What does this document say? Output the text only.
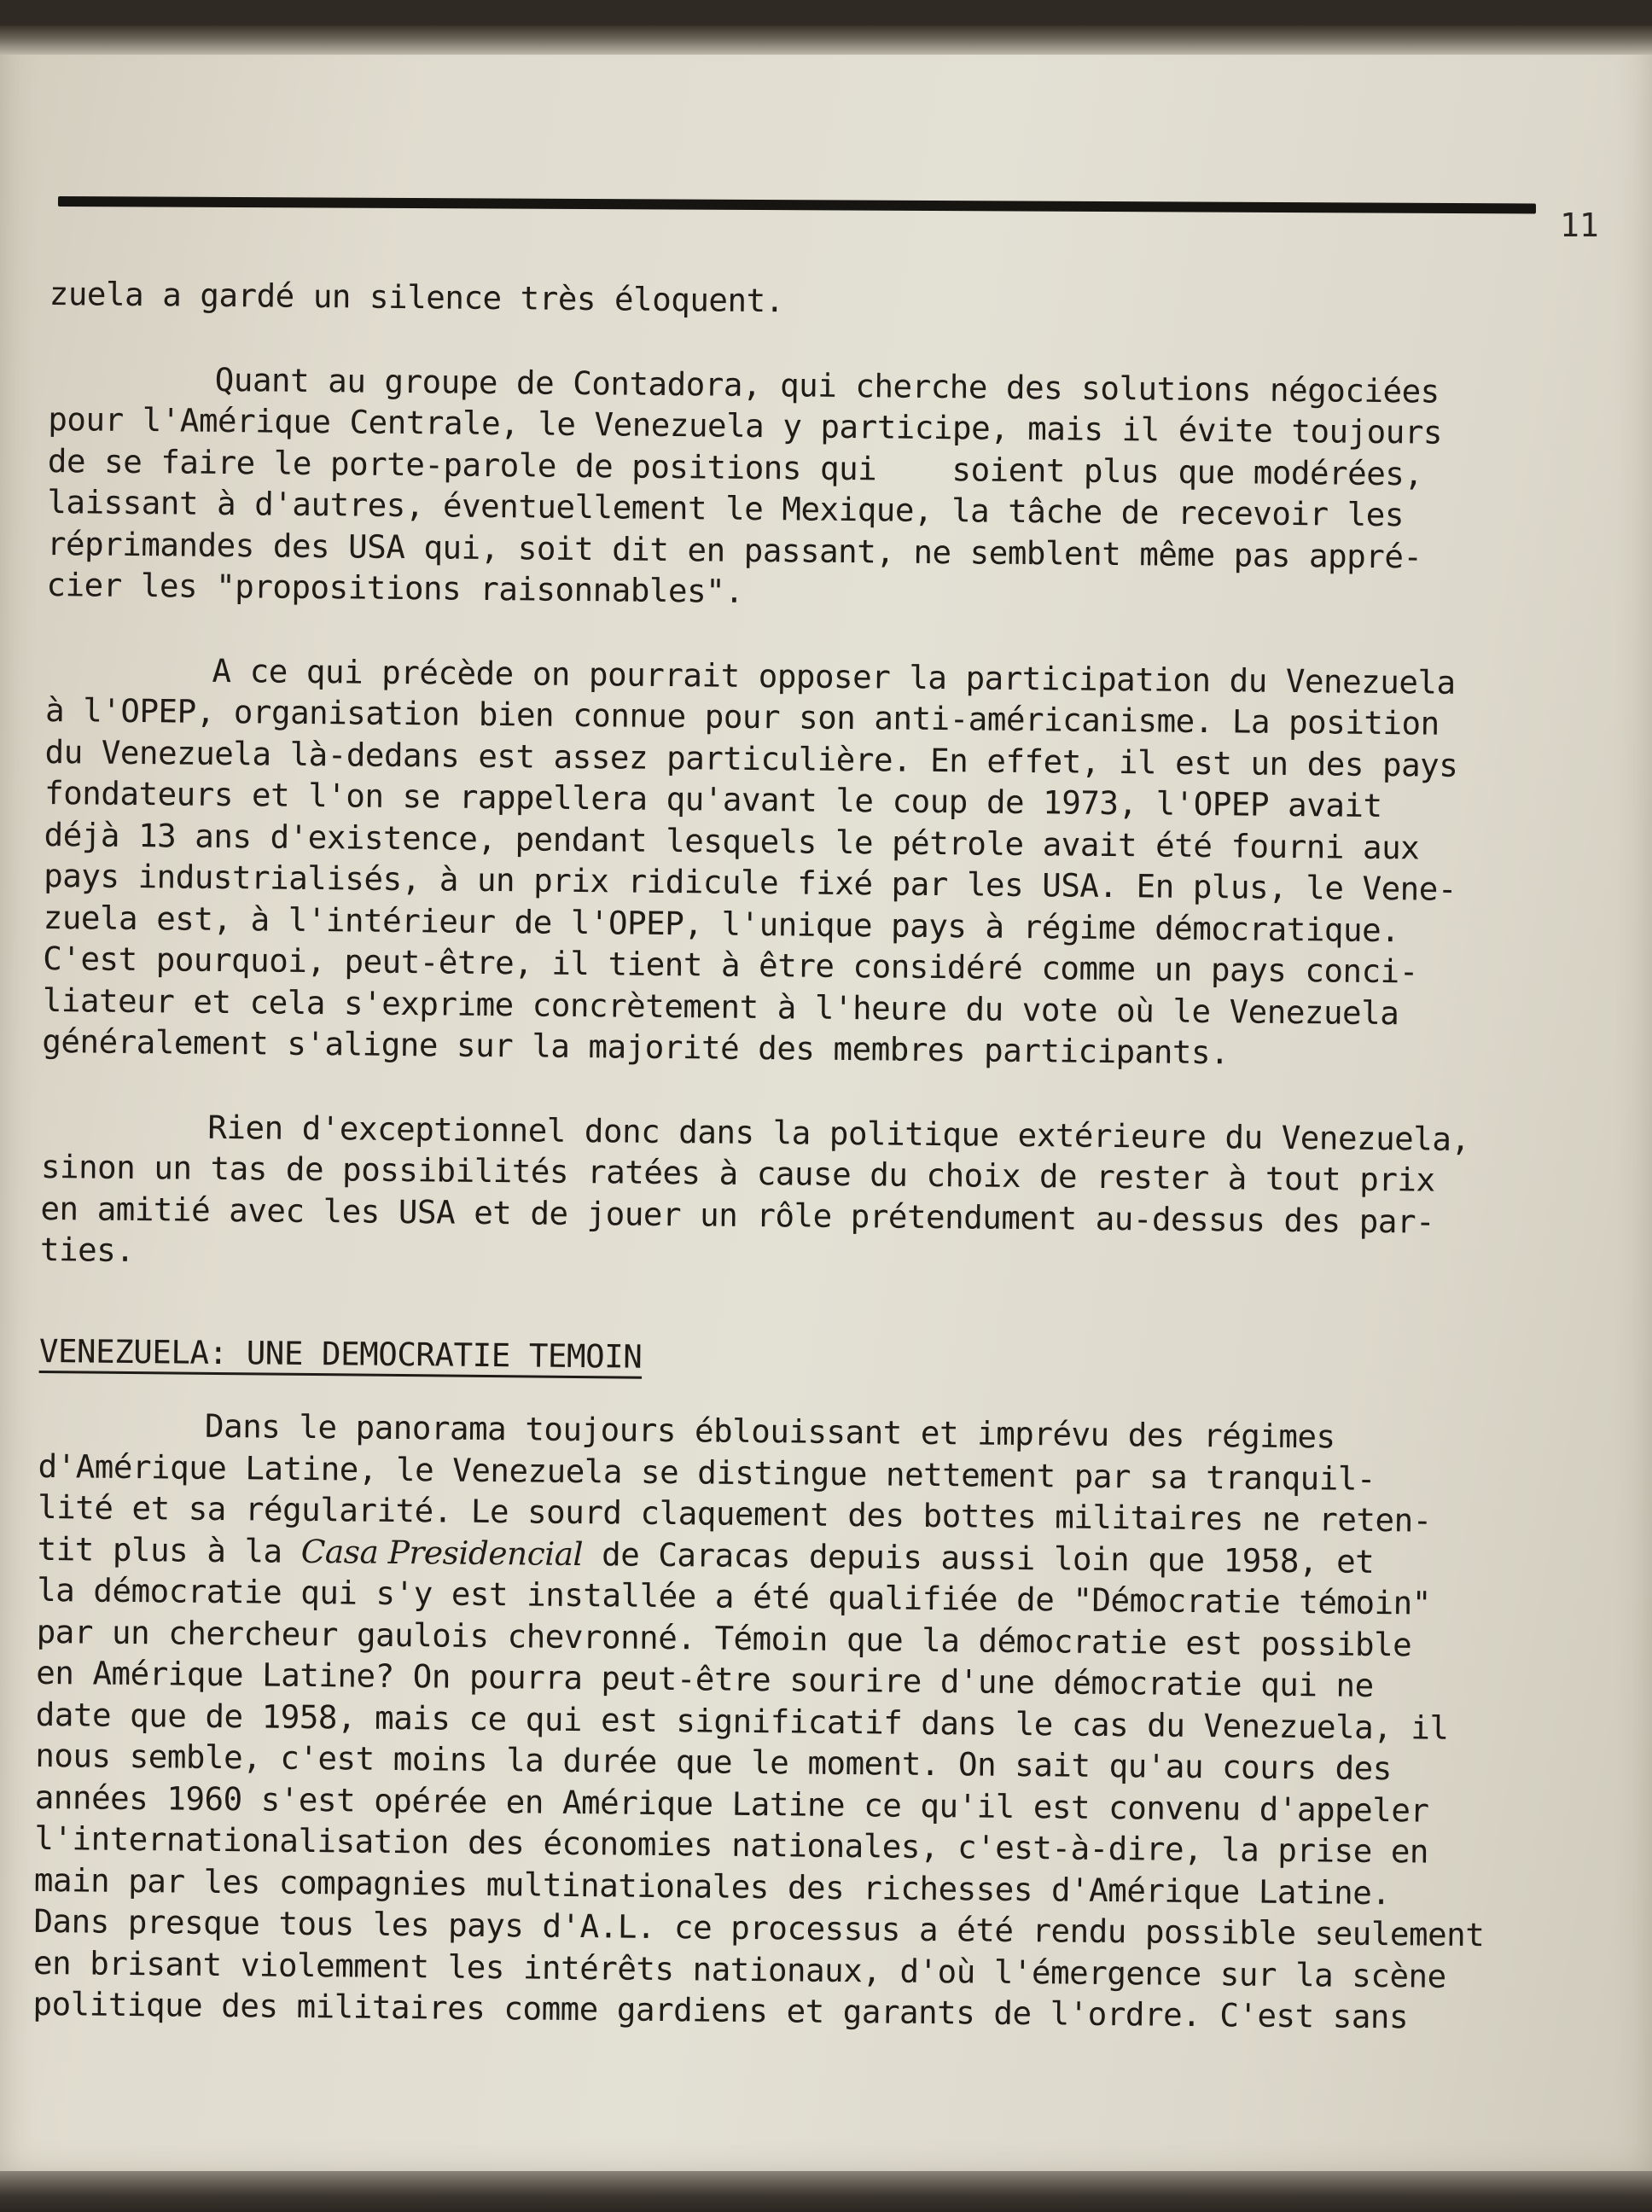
11
zuela a gardé un silence très éloquent.
Quant au groupe de Contadora, qui cherche des solutions négociées
pour l'Amérique Centrale, le Venezuela y participe, mais il évite toujours
de se faire le porte-parole de positions qui    soient plus que modérées,
laissant à d'autres, éventuellement le Mexique, la tâche de recevoir les
réprimandes des USA qui, soit dit en passant, ne semblent même pas appré-
cier les "propositions raisonnables".
A ce qui précède on pourrait opposer la participation du Venezuela
à l'OPEP, organisation bien connue pour son anti-américanisme. La position
du Venezuela là-dedans est assez particulière. En effet, il est un des pays
fondateurs et l'on se rappellera qu'avant le coup de 1973, l'OPEP avait
déjà 13 ans d'existence, pendant lesquels le pétrole avait été fourni aux
pays industrialisés, à un prix ridicule fixé par les USA. En plus, le Vene-
zuela est, à l'intérieur de l'OPEP, l'unique pays à régime démocratique.
C'est pourquoi, peut-être, il tient à être considéré comme un pays conci-
liateur et cela s'exprime concrètement à l'heure du vote où le Venezuela
généralement s'aligne sur la majorité des membres participants.
Rien d'exceptionnel donc dans la politique extérieure du Venezuela,
sinon un tas de possibilités ratées à cause du choix de rester à tout prix
en amitié avec les USA et de jouer un rôle prétendument au-dessus des par-
ties.
VENEZUELA: UNE DEMOCRATIE TEMOIN
Dans le panorama toujours éblouissant et imprévu des régimes
d'Amérique Latine, le Venezuela se distingue nettement par sa tranquil-
lité et sa régularité. Le sourd claquement des bottes militaires ne reten-
tit plus à la Casa Presidencial de Caracas depuis aussi loin que 1958, et
la démocratie qui s'y est installée a été qualifiée de "Démocratie témoin"
par un chercheur gaulois chevronné. Témoin que la démocratie est possible
en Amérique Latine? On pourra peut-être sourire d'une démocratie qui ne
date que de 1958, mais ce qui est significatif dans le cas du Venezuela, il
nous semble, c'est moins la durée que le moment. On sait qu'au cours des
années 1960 s'est opérée en Amérique Latine ce qu'il est convenu d'appeler
l'internationalisation des économies nationales, c'est-à-dire, la prise en
main par les compagnies multinationales des richesses d'Amérique Latine.
Dans presque tous les pays d'A.L. ce processus a été rendu possible seulement
en brisant violemment les intérêts nationaux, d'où l'émergence sur la scène
politique des militaires comme gardiens et garants de l'ordre. C'est sans
